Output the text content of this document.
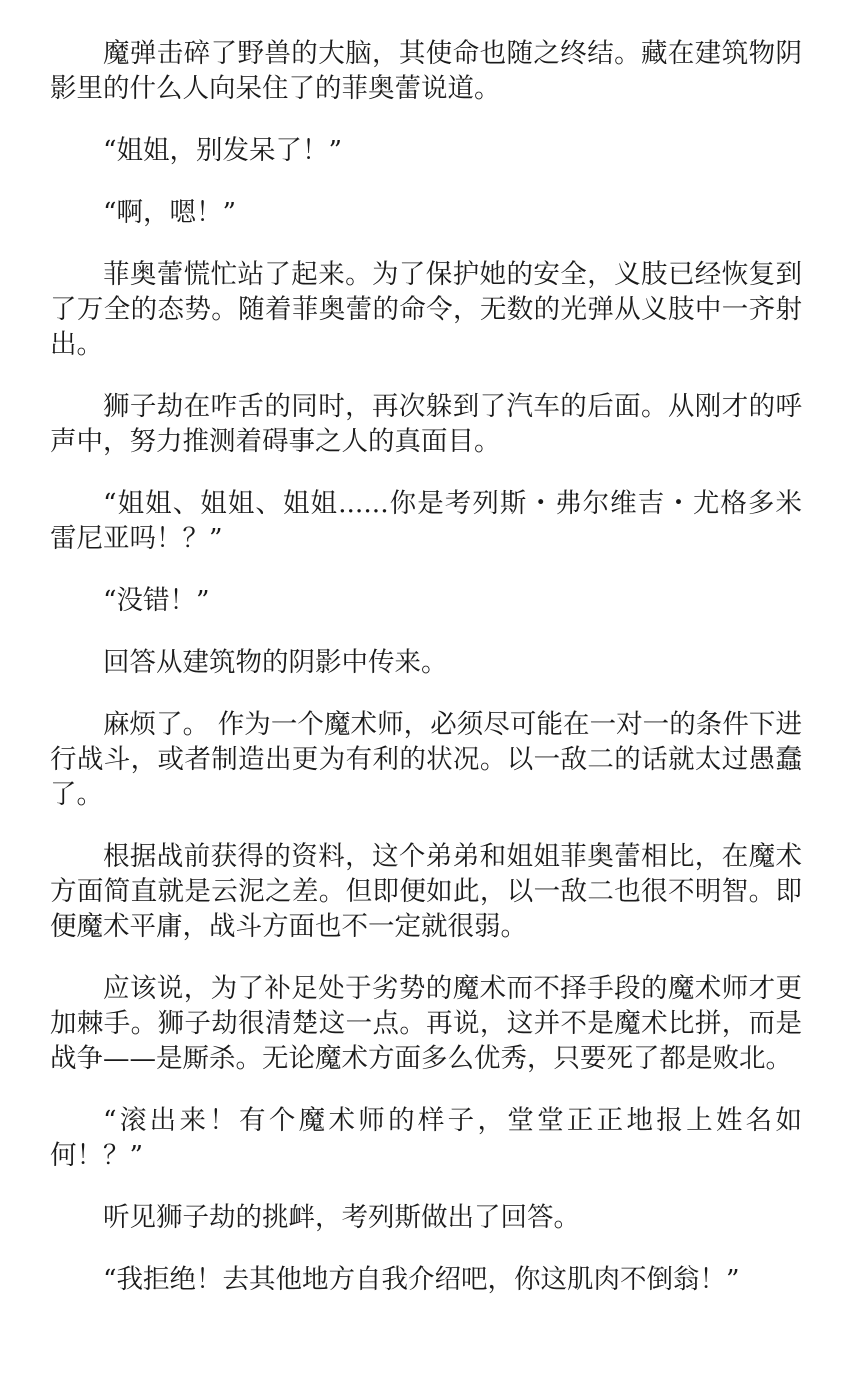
魔弹击碎了野兽的大脑，其使命也随之终结。藏在建筑物阴影里的什么人向呆住了的菲奥蕾说道。

“姐姐，别发呆了！”

“啊，嗯！”

菲奥蕾慌忙站了起来。为了保护她的安全，义肢已经恢复到了万全的态势。随着菲奥蕾的命令，无数的光弹从义肢中一齐射出。

狮子劫在咋舌的同时，再次躲到了汽车的后面。从刚才的呼声中，努力推测着碍事之人的真面目。

“姐姐、姐姐、姐姐......你是考列斯・弗尔维吉・尤格多米雷尼亚吗！？”

“没错！”

回答从建筑物的阴影中传来。

麻烦了。 作为一个魔术师，必须尽可能在一对一的条件下进行战斗，或者制造出更为有利的状况。以一敌二的话就太过愚蠢了。

根据战前获得的资料，这个弟弟和姐姐菲奥蕾相比，在魔术方面简直就是云泥之差。但即便如此，以一敌二也很不明智。即便魔术平庸，战斗方面也不一定就很弱。

应该说，为了补足处于劣势的魔术而不择手段的魔术师才更加棘手。狮子劫很清楚这一点。再说，这并不是魔术比拼，而是战争——是厮杀。无论魔术方面多么优秀，只要死了都是败北。

“滚出来！有个魔术师的样子，堂堂正正地报上姓名如何！？”

听见狮子劫的挑衅，考列斯做出了回答。

“我拒绝！去其他地方自我介绍吧，你这肌肉不倒翁！”
